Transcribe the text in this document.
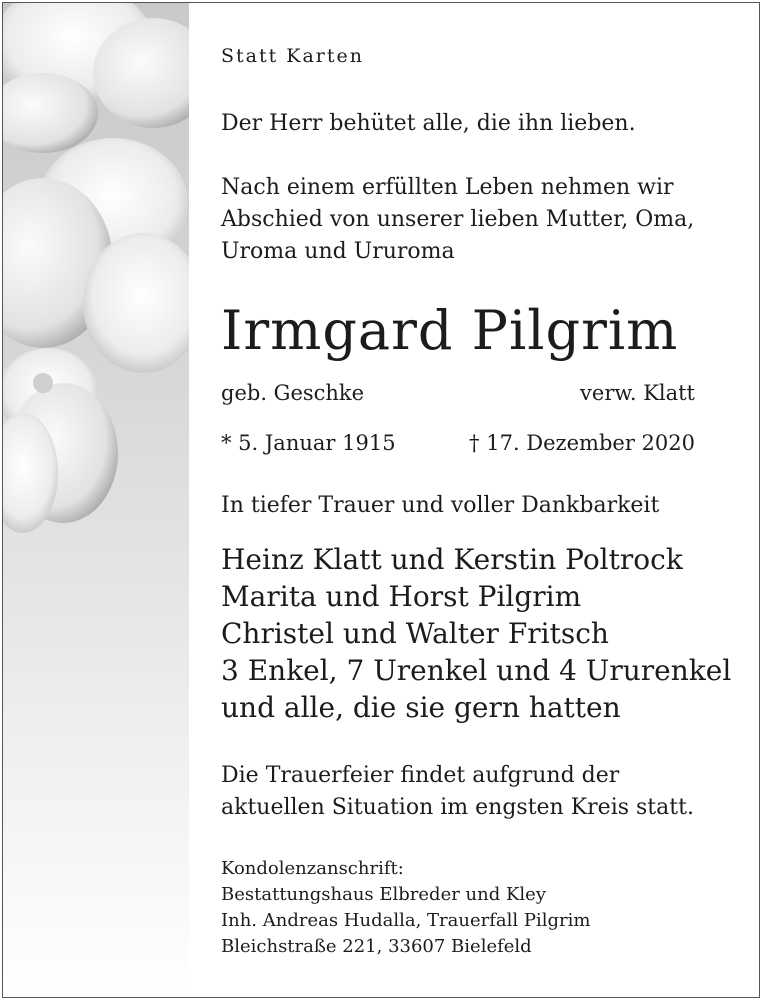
Statt Karten
Der Herr behütet alle, die ihn lieben.
Nach einem erfüllten Leben nehmen wir
Abschied von unserer lieben Mutter, Oma,
Uroma und Ururoma
Irmgard Pilgrim
geb. Geschke	verw. Klatt
* 5. Januar 1915	† 17. Dezember 2020
In tiefer Trauer und voller Dankbarkeit
Heinz Klatt und Kerstin Poltrock
Marita und Horst Pilgrim
Christel und Walter Fritsch
3 Enkel, 7 Urenkel und 4 Ururenkel
und alle, die sie gern hatten
Die Trauerfeier findet aufgrund der
aktuellen Situation im engsten Kreis statt.
Kondolenzanschrift:
Bestattungshaus Elbreder und Kley
Inh. Andreas Hudalla, Trauerfall Pilgrim
Bleichstraße 221, 33607 Bielefeld
